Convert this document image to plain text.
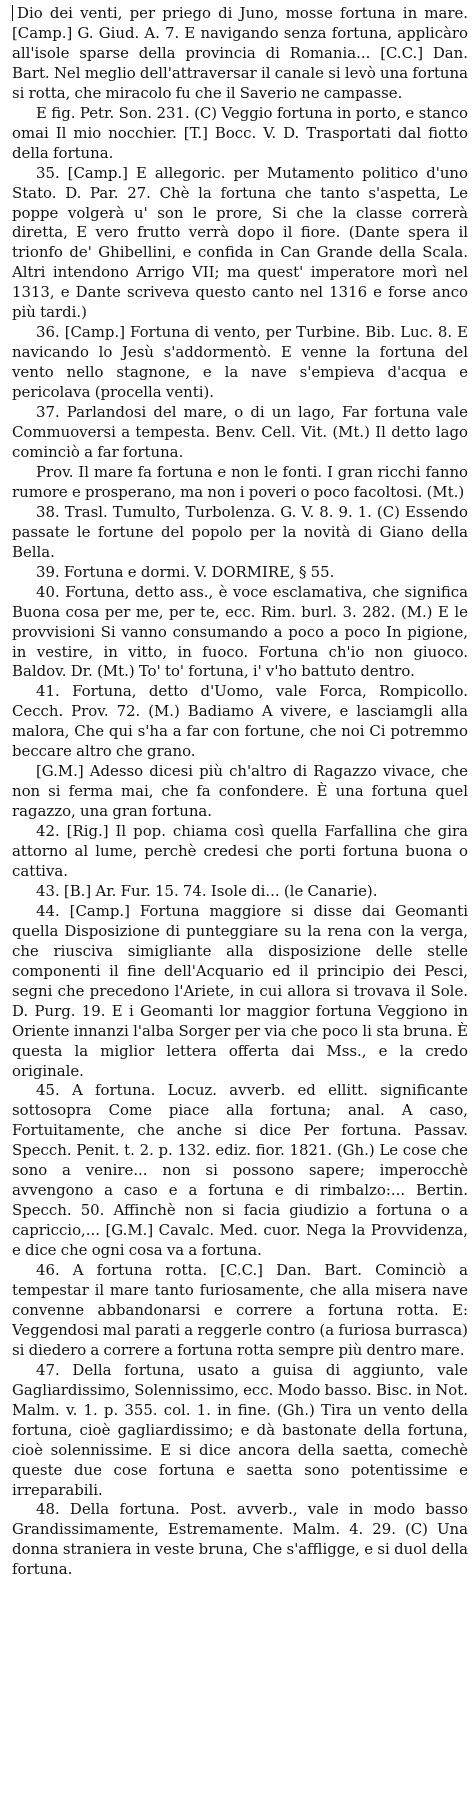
Dio dei venti, per priego di Juno, mosse fortuna in mare. [Camp.] G. Giud. A. 7. E navigando senza fortuna, applicàro all'isole sparse della provincia di Romania... [C.C.] Dan. Bart. Nel meglio dell'attraversar il canale si levò una fortuna si rotta, che miracolo fu che il Saverio ne campasse.

E fig. Petr. Son. 231. (C) Veggio fortuna in porto, e stanco omai Il mio nocchier. [T.] Bocc. V. D. Trasportati dal fiotto della fortuna.

35. [Camp.] E allegoric. per Mutamento politico d'uno Stato. D. Par. 27. Chè la fortuna che tanto s'aspetta, Le poppe volgerà u' son le prore, Si che la classe correrà diretta, E vero frutto verrà dopo il fiore. (Dante spera il trionfo de' Ghibellini, e confida in Can Grande della Scala. Altri intendono Arrigo VII; ma quest' imperatore morì nel 1313, e Dante scriveva questo canto nel 1316 e forse anco più tardi.)

36. [Camp.] Fortuna di vento, per Turbine. Bib. Luc. 8. E navicando lo Jesù s'addormentò. E venne la fortuna del vento nello stagnone, e la nave s'empieva d'acqua e pericolava (procella venti).

37. Parlandosi del mare, o di un lago, Far fortuna vale Commuoversi a tempesta. Benv. Cell. Vit. (Mt.) Il detto lago cominciò a far fortuna.

Prov. Il mare fa fortuna e non le fonti. I gran ricchi fanno rumore e prosperano, ma non i poveri o poco facoltosi. (Mt.)

38. Trasl. Tumulto, Turbolenza. G. V. 8. 9. 1. (C) Essendo passate le fortune del popolo per la novità di Giano della Bella.

39. Fortuna e dormi. V. DORMIRE, § 55.

40. Fortuna, detto ass., è voce esclamativa, che significa Buona cosa per me, per te, ecc. Rim. burl. 3. 282. (M.) E le provvisioni Si vanno consumando a poco a poco In pigione, in vestire, in vitto, in fuoco. Fortuna ch'io non giuoco. Baldov. Dr. (Mt.) To' to' fortuna, i' v'ho battuto dentro.

41. Fortuna, detto d'Uomo, vale Forca, Rompicollo. Cecch. Prov. 72. (M.) Badiamo A vivere, e lasciamgli alla malora, Che qui s'ha a far con fortune, che noi Ci potremmo beccare altro che grano.

[G.M.] Adesso dicesi più ch'altro di Ragazzo vivace, che non si ferma mai, che fa confondere. È una fortuna quel ragazzo, una gran fortuna.

42. [Rig.] Il pop. chiama così quella Farfallina che gira attorno al lume, perchè credesi che porti fortuna buona o cattiva.

43. [B.] Ar. Fur. 15. 74. Isole di... (le Canarie).

44. [Camp.] Fortuna maggiore si disse dai Geomanti quella Disposizione di punteggiare su la rena con la verga, che riusciva simigliante alla disposizione delle stelle componenti il fine dell'Acquario ed il principio dei Pesci, segni che precedono l'Ariete, in cui allora si trovava il Sole. D. Purg. 19. E i Geomanti lor maggior fortuna Veggiono in Oriente innanzi l'alba Sorger per via che poco li sta bruna. È questa la miglior lettera offerta dai Mss., e la credo originale.

45. A fortuna. Locuz. avverb. ed ellitt. significante sottosopra Come piace alla fortuna; anal. A caso, Fortuitamente, che anche si dice Per fortuna. Passav. Specch. Penit. t. 2. p. 132. ediz. fior. 1821. (Gh.) Le cose che sono a venire... non si possono sapere; imperocchè avvengono a caso e a fortuna e di rimbalzo:... Bertin. Specch. 50. Affinchè non si facia giudizio a fortuna o a capriccio,... [G.M.] Cavalc. Med. cuor. Nega la Provvidenza, e dice che ogni cosa va a fortuna.

46. A fortuna rotta. [C.C.] Dan. Bart. Cominciò a tempestar il mare tanto furiosamente, che alla misera nave convenne abbandonarsi e correre a fortuna rotta. E: Veggendosi mal parati a reggerle contro (a furiosa burrasca) si diedero a correre a fortuna rotta sempre più dentro mare.

47. Della fortuna, usato a guisa di aggiunto, vale Gagliardissimo, Solennissimo, ecc. Modo basso. Bisc. in Not. Malm. v. 1. p. 355. col. 1. in fine. (Gh.) Tira un vento della fortuna, cioè gagliardissimo; e dà bastonate della fortuna, cioè solennissime. E si dice ancora della saetta, comechè queste due cose fortuna e saetta sono potentissime e irreparabili.

48. Della fortuna. Post. avverb., vale in modo basso Grandissimamente, Estremamente. Malm. 4. 29. (C) Una donna straniera in veste bruna, Che s'affligge, e si duol della fortuna.
